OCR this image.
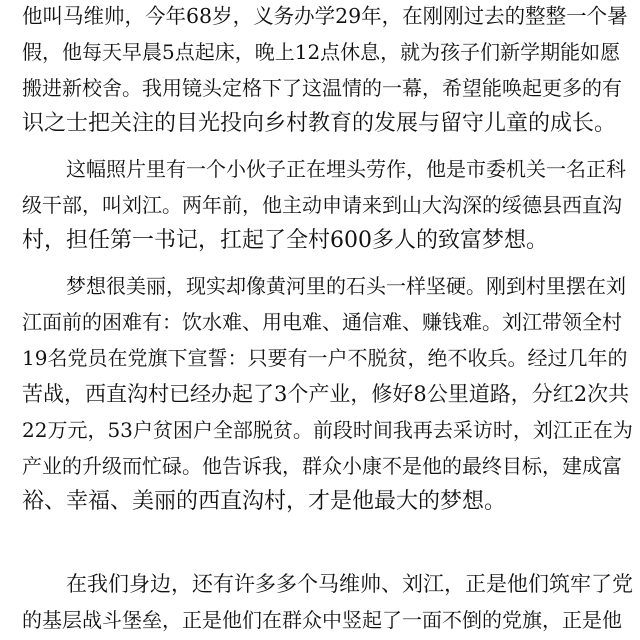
他叫马维帅，今年68岁，义务办学29年，在刚刚过去的整整一个暑
假，他每天早晨5点起床，晚上12点休息，就为孩子们新学期能如愿
搬进新校舍。我用镜头定格下了这温情的一幕，希望能唤起更多的有
识之士把关注的目光投向乡村教育的发展与留守儿童的成长。
这幅照片里有一个小伙子正在埋头劳作，他是市委机关一名正科
级干部，叫刘江。两年前，他主动申请来到山大沟深的绥德县西直沟
村，担任第一书记，扛起了全村600多人的致富梦想。
梦想很美丽，现实却像黄河里的石头一样坚硬。刚到村里摆在刘
江面前的困难有：饮水难、用电难、通信难、赚钱难。刘江带领全村
19名党员在党旗下宣誓：只要有一户不脱贫，绝不收兵。经过几年的
苦战，西直沟村已经办起了3个产业，修好8公里道路，分红2次共
22万元，53户贫困户全部脱贫。前段时间我再去采访时，刘江正在为
产业的升级而忙碌。他告诉我，群众小康不是他的最终目标，建成富
裕、幸福、美丽的西直沟村，才是他最大的梦想。
在我们身边，还有许多多个马维帅、刘江，正是他们筑牢了党
的基层战斗堡垒，正是他们在群众中竖起了一面不倒的党旗，正是他
